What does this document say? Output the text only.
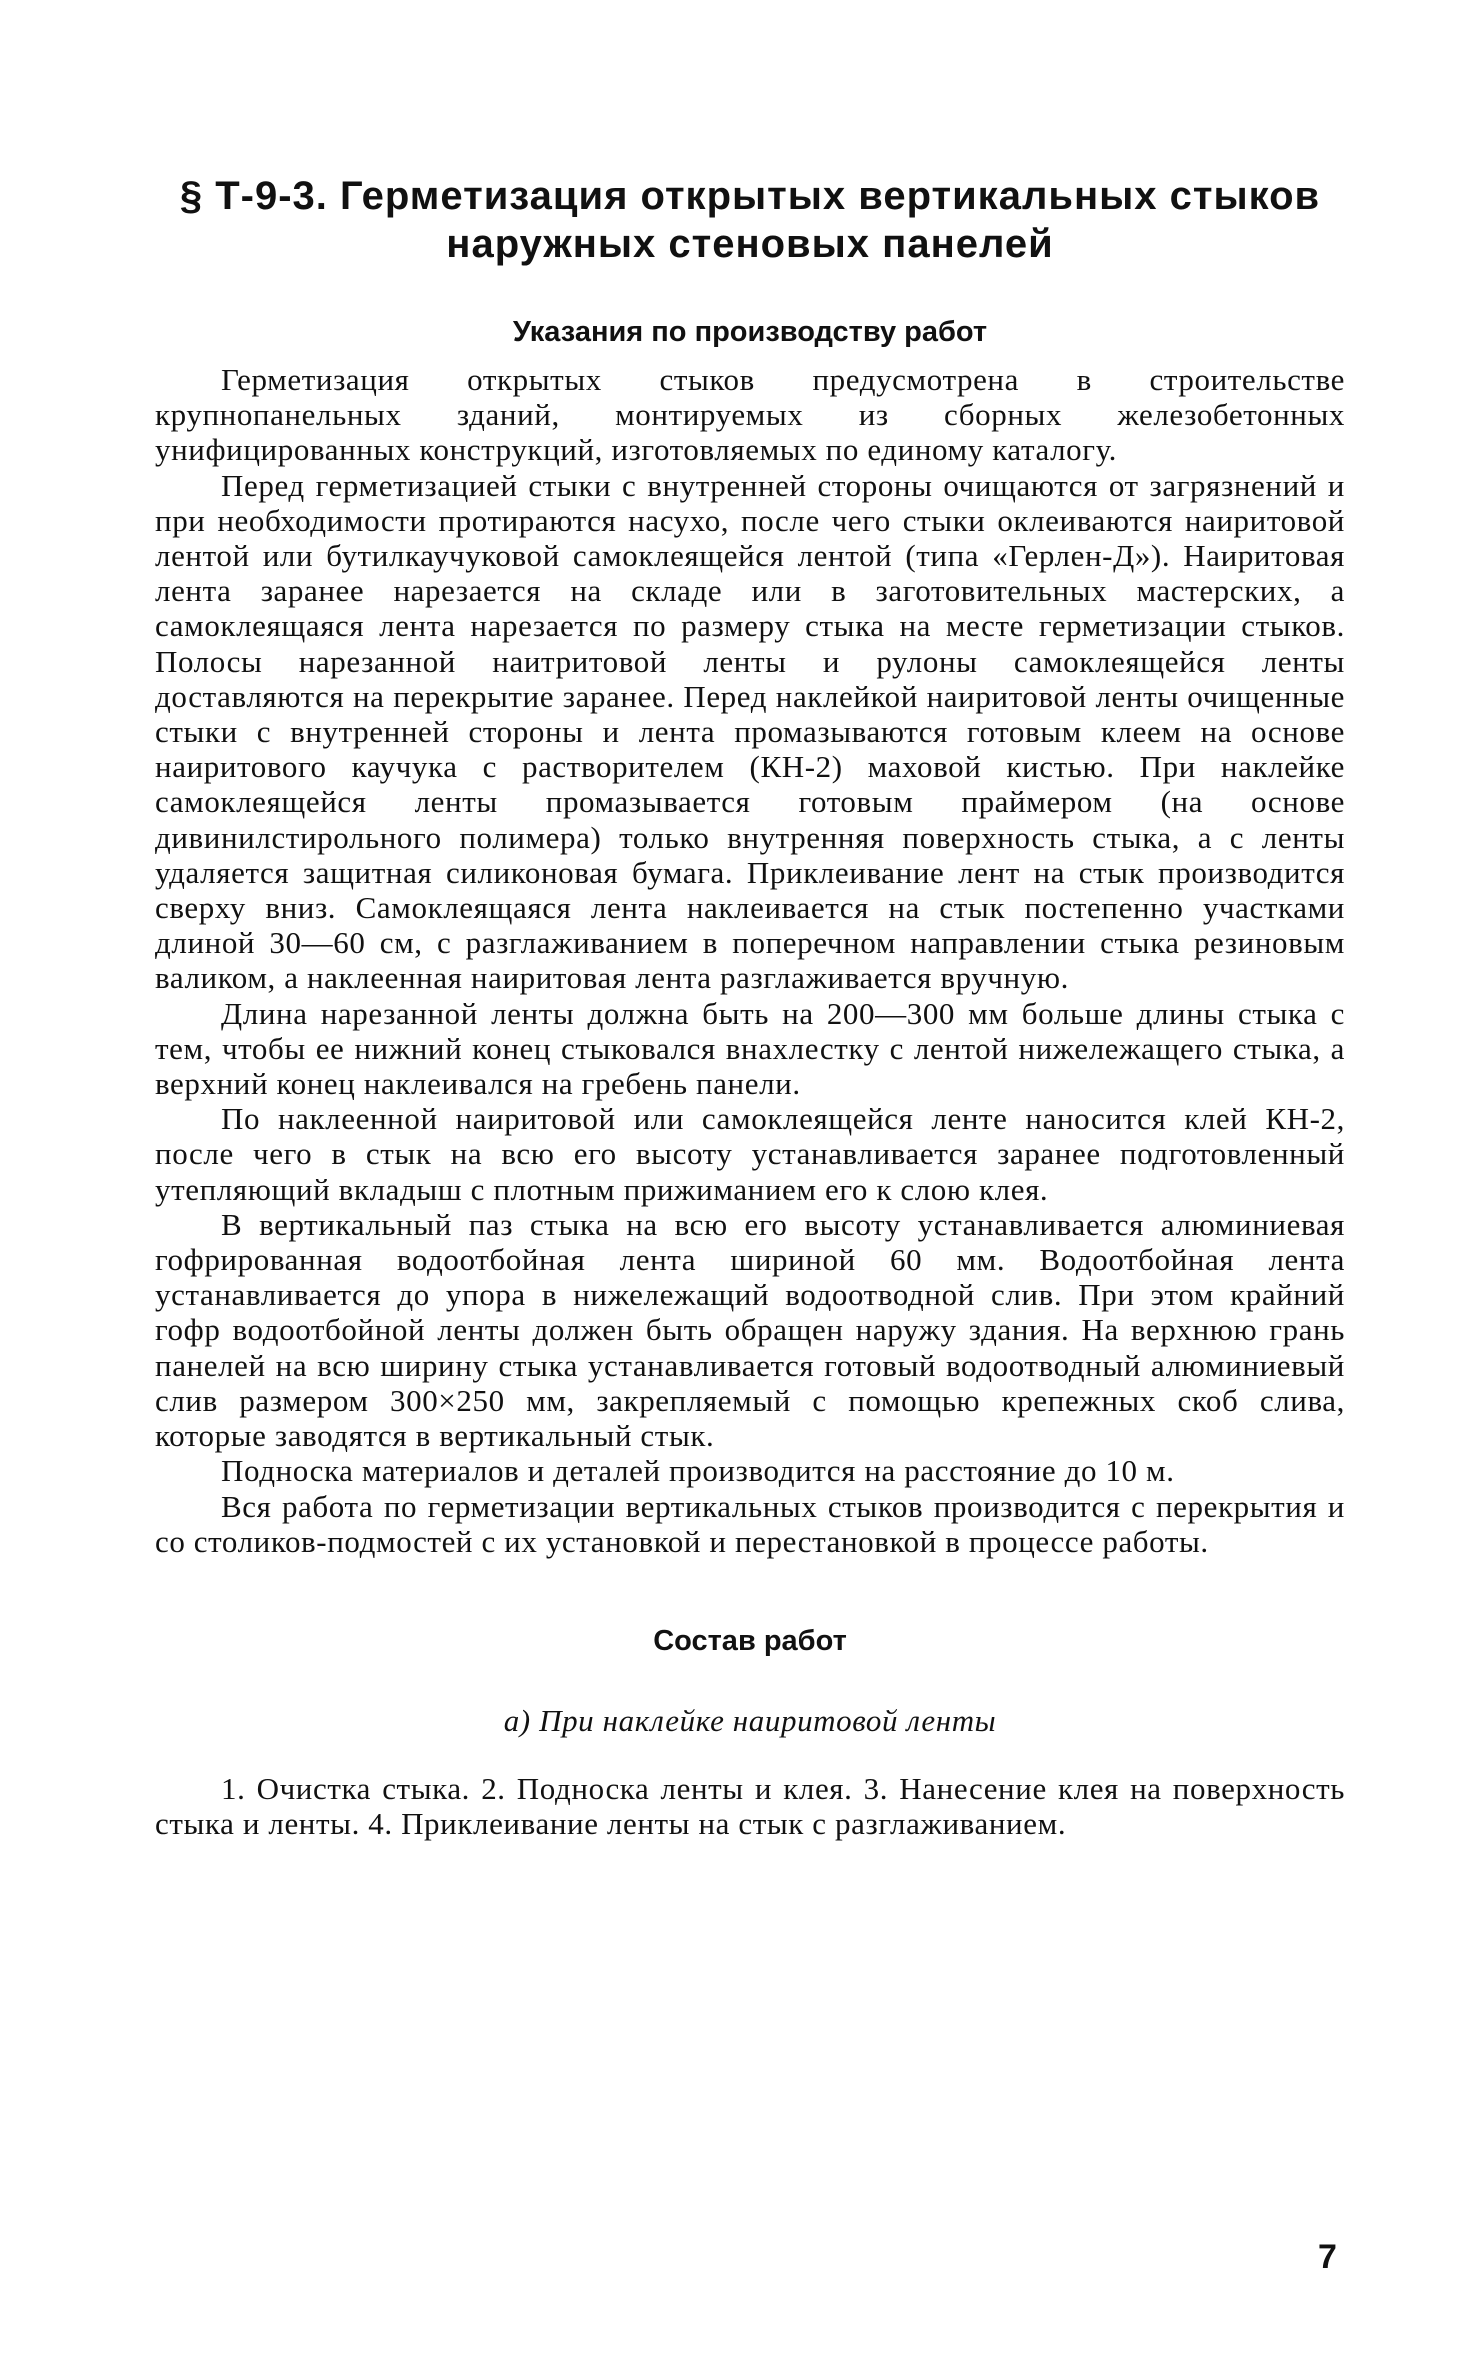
§ Т-9-3. Герметизация открытых вертикальных стыков
наружных стеновых панелей
Указания по производству работ

Герметизация открытых стыков предусмотрена в строительстве крупнопанельных зданий, монтируемых из сборных железобетонных унифицированных конструкций, изготовляемых по единому каталогу.

Перед герметизацией стыки с внутренней стороны очищаются от загрязнений и при необходимости протираются насухо, после чего стыки оклеиваются наиритовой лентой или бутилкаучуковой самоклеящейся лентой (типа «Герлен-Д»). Наиритовая лента заранее нарезается на складе или в заготовительных мастерских, а самоклеящаяся лента нарезается по размеру стыка на месте герметизации стыков. Полосы нарезанной наитритовой ленты и рулоны самоклеящейся ленты доставляются на перекрытие заранее. Перед наклейкой наиритовой ленты очищенные стыки с внутренней стороны и лента промазываются готовым клеем на основе наиритового каучука с растворителем (КН-2) маховой кистью. При наклейке самоклеящейся ленты промазывается готовым праймером (на основе дивинилстирольного полимера) только внутренняя поверхность стыка, а с ленты удаляется защитная силиконовая бумага. Приклеивание лент на стык производится сверху вниз. Самоклеящаяся лента наклеивается на стык постепенно участками длиной 30—60 см, с разглаживанием в поперечном направлении стыка резиновым валиком, а наклеенная наиритовая лента разглаживается вручную.

Длина нарезанной ленты должна быть на 200—300 мм больше длины стыка с тем, чтобы ее нижний конец стыковался внахлестку с лентой нижележащего стыка, а верхний конец наклеивался на гребень панели.

По наклеенной наиритовой или самоклеящейся ленте наносится клей КН-2, после чего в стык на всю его высоту устанавливается заранее подготовленный утепляющий вкладыш с плотным прижиманием его к слою клея.

В вертикальный паз стыка на всю его высоту устанавливается алюминиевая гофрированная водоотбойная лента шириной 60 мм. Водоотбойная лента устанавливается до упора в нижележащий водоотводной слив. При этом крайний гофр водоотбойной ленты должен быть обращен наружу здания. На верхнюю грань панелей на всю ширину стыка устанавливается готовый водоотводный алюминиевый слив размером 300×250 мм, закрепляемый с помощью крепежных скоб слива, которые заводятся в вертикальный стык.

Подноска материалов и деталей производится на расстояние до 10 м.

Вся работа по герметизации вертикальных стыков производится с перекрытия и со столиков-подмостей с их установкой и перестановкой в процессе работы.

Состав работ
а) При наклейке наиритовой ленты

1. Очистка стыка. 2. Подноска ленты и клея. 3. Нанесение клея на поверхность стыка и ленты. 4. Приклеивание ленты на стык с разглаживанием.

7
